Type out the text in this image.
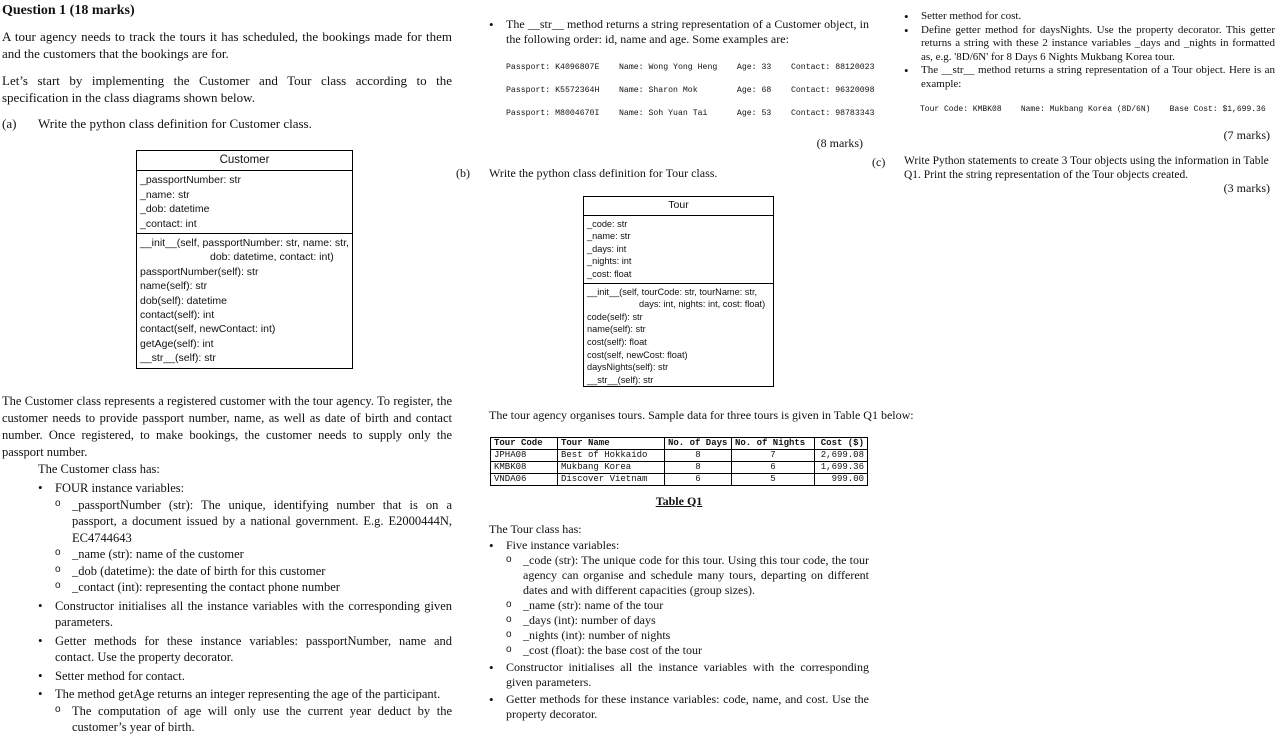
Question 1 (18 marks)
A tour agency needs to track the tours it has scheduled, the bookings made for them and the customers that the bookings are for.
Let’s start by implementing the Customer and Tour class according to the specification in the class diagrams shown below.
(a) Write the python class definition for Customer class.
Customer
_passportNumber: str
_name: str
_dob: datetime
_contact: int
__init__(self, passportNumber: str, name: str,
dob: datetime, contact: int)
passportNumber(self): str
name(self): str
dob(self): datetime
contact(self): int
contact(self, newContact: int)
getAge(self): int
__str__(self): str
The Customer class represents a registered customer with the tour agency. To register, the customer needs to provide passport number, name, as well as date of birth and contact number. Once registered, to make bookings, the customer needs to supply only the passport number.
The Customer class has:
• FOUR instance variables:
o _passportNumber (str): The unique, identifying number that is on a passport, a document issued by a national government. E.g. E2000444N, EC4744643
o _name (str): name of the customer
o _dob (datetime): the date of birth for this customer
o _contact (int): representing the contact phone number
• Constructor initialises all the instance variables with the corresponding given parameters.
• Getter methods for these instance variables: passportNumber, name and contact. Use the property decorator.
• Setter method for contact.
• The method getAge returns an integer representing the age of the participant.
o The computation of age will only use the current year deduct by the customer’s year of birth.
• The __str__ method returns a string representation of a Customer object, in the following order: id, name and age. Some examples are:
Passport: K4096807E    Name: Wong Yong Heng    Age: 33    Contact: 88120023
Passport: K5572364H    Name: Sharon Mok        Age: 68    Contact: 96320098
Passport: M8004670I    Name: Soh Yuan Tai      Age: 53    Contact: 98783343
(8 marks)
(b) Write the python class definition for Tour class.
Tour
_code: str
_name: str
_days: int
_nights: int
_cost: float
__init__(self, tourCode: str, tourName: str,
days: int, nights: int, cost: float)
code(self): str
name(self): str
cost(self): float
cost(self, newCost: float)
daysNights(self): str
__str__(self): str
The tour agency organises tours. Sample data for three tours is given in Table Q1 below:
Tour Code	Tour Name	No. of Days	No. of Nights	Cost ($)
JPHA08	Best of Hokkaido	8	7	2,699.08
KMBK08	Mukbang Korea	8	6	1,699.36
VNDA06	Discover Vietnam	6	5	999.00
Table Q1
The Tour class has:
• Five instance variables:
o _code (str): The unique code for this tour. Using this tour code, the tour agency can organise and schedule many tours, departing on different dates and with different capacities (group sizes).
o _name (str): name of the tour
o _days (int): number of days
o _nights (int): number of nights
o _cost (float): the base cost of the tour
• Constructor initialises all the instance variables with the corresponding given parameters.
• Getter methods for these instance variables: code, name, and cost. Use the property decorator.
• Setter method for cost.
• Define getter method for daysNights. Use the property decorator. This getter returns a string with these 2 instance variables _days and _nights in formatted as, e.g. '8D/6N' for 8 Days 6 Nights Mukbang Korea tour.
• The __str__ method returns a string representation of a Tour object. Here is an example:
Tour Code: KMBK08    Name: Mukbang Korea (8D/6N)    Base Cost: $1,699.36
(7 marks)
(c) Write Python statements to create 3 Tour objects using the information in Table Q1. Print the string representation of the Tour objects created.
(3 marks)
